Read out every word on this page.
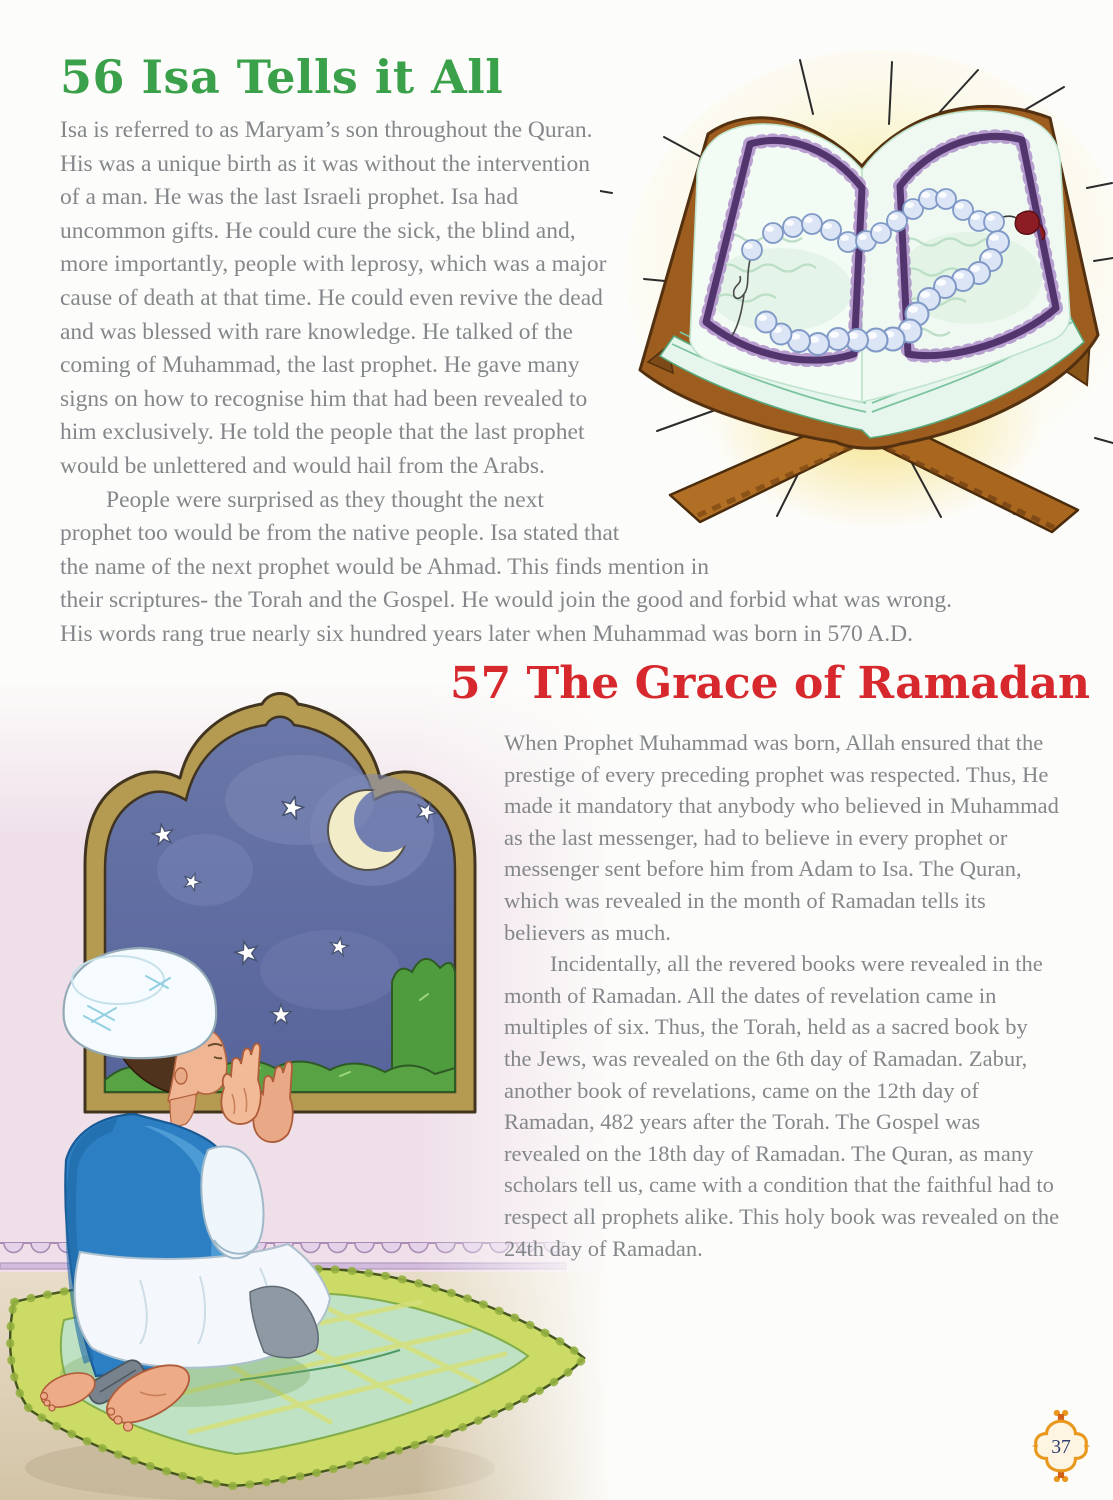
56 Isa Tells it All

Isa is referred to as Maryam’s son throughout the Quran. His was a unique birth as it was without the intervention of a man. He was the last Israeli prophet. Isa had uncommon gifts. He could cure the sick, the blind and, more importantly, people with leprosy, which was a major cause of death at that time. He could even revive the dead and was blessed with rare knowledge. He talked of the coming of Muhammad, the last prophet. He gave many signs on how to recognise him that had been revealed to him exclusively. He told the people that the last prophet would be unlettered and would hail from the Arabs.

People were surprised as they thought the next prophet too would be from the native people. Isa stated that the name of the next prophet would be Ahmad. This finds mention in their scriptures- the Torah and the Gospel. He would join the good and forbid what was wrong. His words rang true nearly six hundred years later when Muhammad was born in 570 A.D.

57 The Grace of Ramadan

When Prophet Muhammad was born, Allah ensured that the prestige of every preceding prophet was respected. Thus, He made it mandatory that anybody who believed in Muhammad as the last messenger, had to believe in every prophet or messenger sent before him from Adam to Isa. The Quran, which was revealed in the month of Ramadan tells its believers as much.

Incidentally, all the revered books were revealed in the month of Ramadan. All the dates of revelation came in multiples of six. Thus, the Torah, held as a sacred book by the Jews, was revealed on the 6th day of Ramadan. Zabur, another book of revelations, came on the 12th day of Ramadan, 482 years after the Torah. The Gospel was revealed on the 18th day of Ramadan. The Quran, as many scholars tell us, came with a condition that the faithful had to respect all prophets alike. This holy book was revealed on the 24th day of Ramadan.

37
